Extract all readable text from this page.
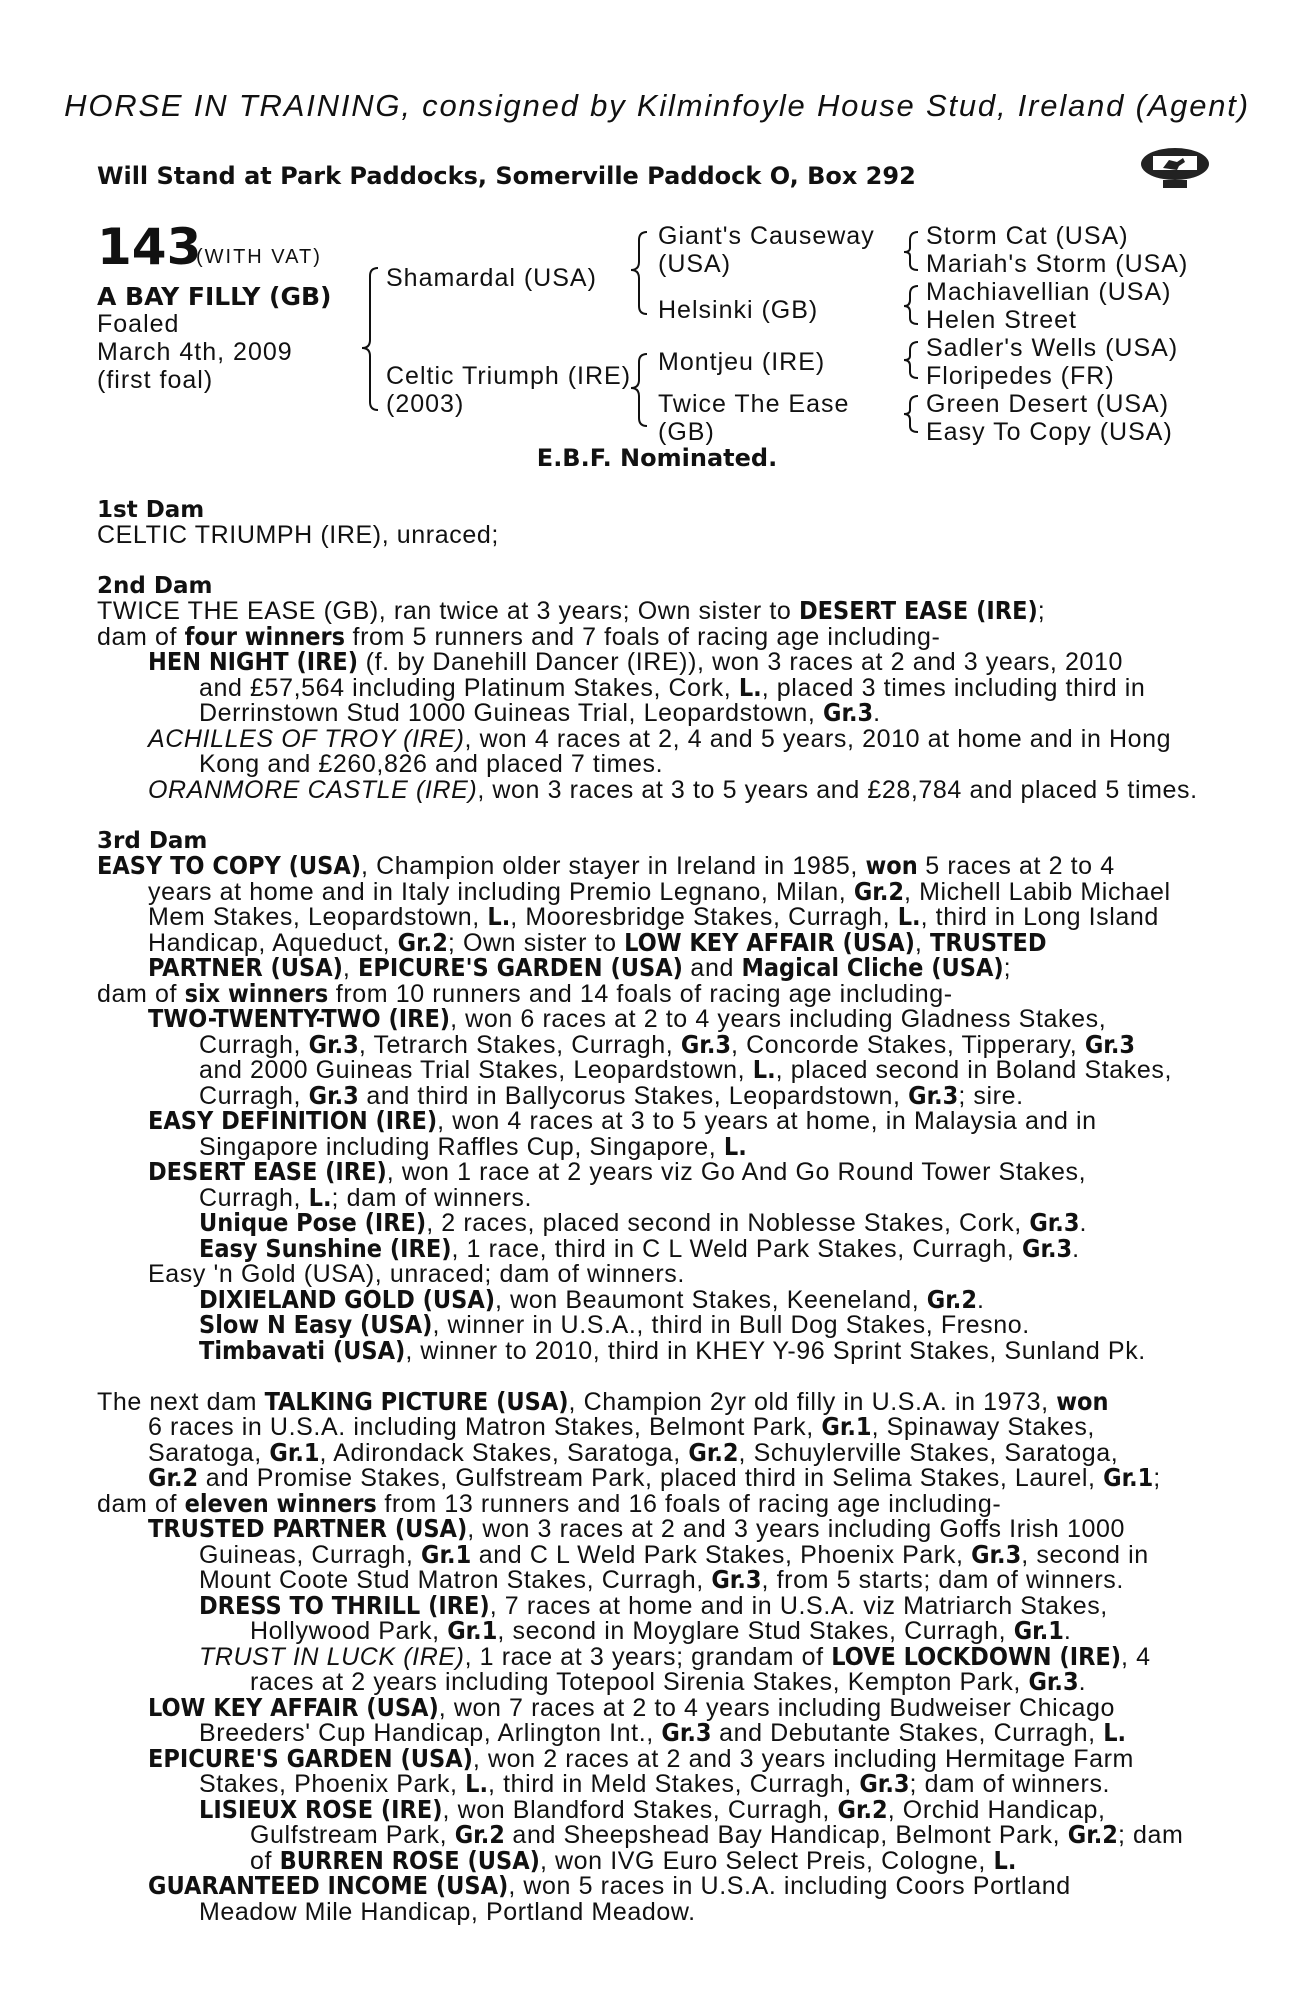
HORSE IN TRAINING, consigned by Kilminfoyle House Stud, Ireland (Agent)
Will Stand at Park Paddocks, Somerville Paddock O, Box 292
143
(WITH VAT)
A BAY FILLY (GB)
Foaled
March 4th, 2009
(first foal)
Shamardal (USA)
Celtic Triumph (IRE)
(2003)
Giant's Causeway
(USA)
Helsinki (GB)
Montjeu (IRE)
Twice The Ease
(GB)
Storm Cat (USA)
Mariah's Storm (USA)
Machiavellian (USA)
Helen Street
Sadler's Wells (USA)
Floripedes (FR)
Green Desert (USA)
Easy To Copy (USA)
E.B.F. Nominated.
1st Dam
CELTIC TRIUMPH (IRE), unraced;
2nd Dam
TWICE THE EASE (GB), ran twice at 3 years; Own sister to DESERT EASE (IRE);
dam of four winners from 5 runners and 7 foals of racing age including-
HEN NIGHT (IRE) (f. by Danehill Dancer (IRE)), won 3 races at 2 and 3 years, 2010
and £57,564 including Platinum Stakes, Cork, L., placed 3 times including third in
Derrinstown Stud 1000 Guineas Trial, Leopardstown, Gr.3.
ACHILLES OF TROY (IRE), won 4 races at 2, 4 and 5 years, 2010 at home and in Hong
Kong and £260,826 and placed 7 times.
ORANMORE CASTLE (IRE), won 3 races at 3 to 5 years and £28,784 and placed 5 times.
3rd Dam
EASY TO COPY (USA), Champion older stayer in Ireland in 1985, won 5 races at 2 to 4
years at home and in Italy including Premio Legnano, Milan, Gr.2, Michell Labib Michael
Mem Stakes, Leopardstown, L., Mooresbridge Stakes, Curragh, L., third in Long Island
Handicap, Aqueduct, Gr.2; Own sister to LOW KEY AFFAIR (USA), TRUSTED
PARTNER (USA), EPICURE'S GARDEN (USA) and Magical Cliche (USA);
dam of six winners from 10 runners and 14 foals of racing age including-
TWO-TWENTY-TWO (IRE), won 6 races at 2 to 4 years including Gladness Stakes,
Curragh, Gr.3, Tetrarch Stakes, Curragh, Gr.3, Concorde Stakes, Tipperary, Gr.3
and 2000 Guineas Trial Stakes, Leopardstown, L., placed second in Boland Stakes,
Curragh, Gr.3 and third in Ballycorus Stakes, Leopardstown, Gr.3; sire.
EASY DEFINITION (IRE), won 4 races at 3 to 5 years at home, in Malaysia and in
Singapore including Raffles Cup, Singapore, L.
DESERT EASE (IRE), won 1 race at 2 years viz Go And Go Round Tower Stakes,
Curragh, L.; dam of winners.
Unique Pose (IRE), 2 races, placed second in Noblesse Stakes, Cork, Gr.3.
Easy Sunshine (IRE), 1 race, third in C L Weld Park Stakes, Curragh, Gr.3.
Easy 'n Gold (USA), unraced; dam of winners.
DIXIELAND GOLD (USA), won Beaumont Stakes, Keeneland, Gr.2.
Slow N Easy (USA), winner in U.S.A., third in Bull Dog Stakes, Fresno.
Timbavati (USA), winner to 2010, third in KHEY Y-96 Sprint Stakes, Sunland Pk.
The next dam TALKING PICTURE (USA), Champion 2yr old filly in U.S.A. in 1973, won
6 races in U.S.A. including Matron Stakes, Belmont Park, Gr.1, Spinaway Stakes,
Saratoga, Gr.1, Adirondack Stakes, Saratoga, Gr.2, Schuylerville Stakes, Saratoga,
Gr.2 and Promise Stakes, Gulfstream Park, placed third in Selima Stakes, Laurel, Gr.1;
dam of eleven winners from 13 runners and 16 foals of racing age including-
TRUSTED PARTNER (USA), won 3 races at 2 and 3 years including Goffs Irish 1000
Guineas, Curragh, Gr.1 and C L Weld Park Stakes, Phoenix Park, Gr.3, second in
Mount Coote Stud Matron Stakes, Curragh, Gr.3, from 5 starts; dam of winners.
DRESS TO THRILL (IRE), 7 races at home and in U.S.A. viz Matriarch Stakes,
Hollywood Park, Gr.1, second in Moyglare Stud Stakes, Curragh, Gr.1.
TRUST IN LUCK (IRE), 1 race at 3 years; grandam of LOVE LOCKDOWN (IRE), 4
races at 2 years including Totepool Sirenia Stakes, Kempton Park, Gr.3.
LOW KEY AFFAIR (USA), won 7 races at 2 to 4 years including Budweiser Chicago
Breeders' Cup Handicap, Arlington Int., Gr.3 and Debutante Stakes, Curragh, L.
EPICURE'S GARDEN (USA), won 2 races at 2 and 3 years including Hermitage Farm
Stakes, Phoenix Park, L., third in Meld Stakes, Curragh, Gr.3; dam of winners.
LISIEUX ROSE (IRE), won Blandford Stakes, Curragh, Gr.2, Orchid Handicap,
Gulfstream Park, Gr.2 and Sheepshead Bay Handicap, Belmont Park, Gr.2; dam
of BURREN ROSE (USA), won IVG Euro Select Preis, Cologne, L.
GUARANTEED INCOME (USA), won 5 races in U.S.A. including Coors Portland
Meadow Mile Handicap, Portland Meadow.
